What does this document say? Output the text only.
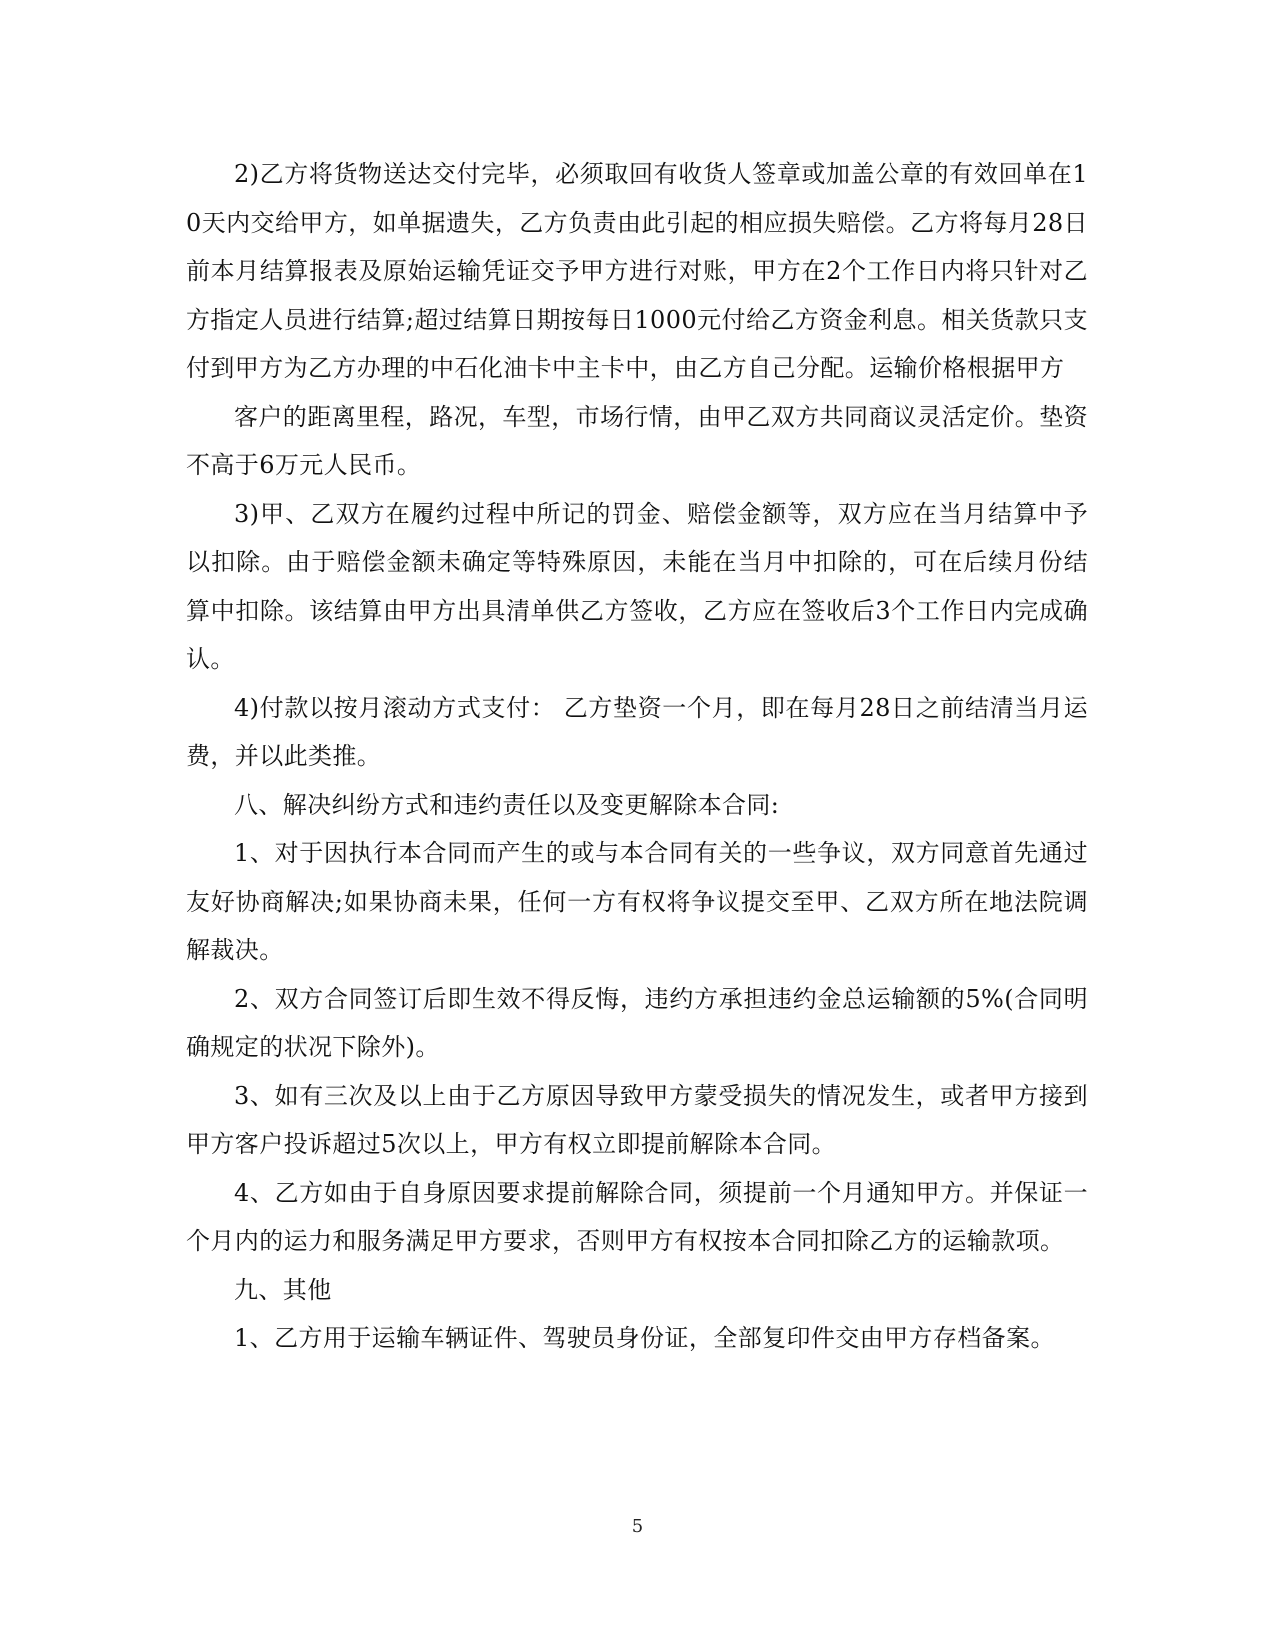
2)乙方将货物送达交付完毕，必须取回有收货人签章或加盖公章的有效回单在10天内交给甲方，如单据遗失，乙方负责由此引起的相应损失赔偿。乙方将每月28日前本月结算报表及原始运输凭证交予甲方进行对账，甲方在2个工作日内将只针对乙方指定人员进行结算;超过结算日期按每日1000元付给乙方资金利息。相关货款只支付到甲方为乙方办理的中石化油卡中主卡中，由乙方自己分配。运输价格根据甲方

客户的距离里程，路况，车型，市场行情，由甲乙双方共同商议灵活定价。垫资不高于6万元人民币。

3)甲、乙双方在履约过程中所记的罚金、赔偿金额等，双方应在当月结算中予以扣除。由于赔偿金额未确定等特殊原因，未能在当月中扣除的，可在后续月份结算中扣除。该结算由甲方出具清单供乙方签收，乙方应在签收后3个工作日内完成确认。

4)付款以按月滚动方式支付： 乙方垫资一个月，即在每月28日之前结清当月运费，并以此类推。

八、解决纠纷方式和违约责任以及变更解除本合同:

1、对于因执行本合同而产生的或与本合同有关的一些争议，双方同意首先通过友好协商解决;如果协商未果，任何一方有权将争议提交至甲、乙双方所在地法院调解裁决。

2、双方合同签订后即生效不得反悔，违约方承担违约金总运输额的5%(合同明确规定的状况下除外)。

3、如有三次及以上由于乙方原因导致甲方蒙受损失的情况发生，或者甲方接到甲方客户投诉超过5次以上，甲方有权立即提前解除本合同。

4、乙方如由于自身原因要求提前解除合同，须提前一个月通知甲方。并保证一个月内的运力和服务满足甲方要求，否则甲方有权按本合同扣除乙方的运输款项。

九、其他

1、乙方用于运输车辆证件、驾驶员身份证，全部复印件交由甲方存档备案。

5
